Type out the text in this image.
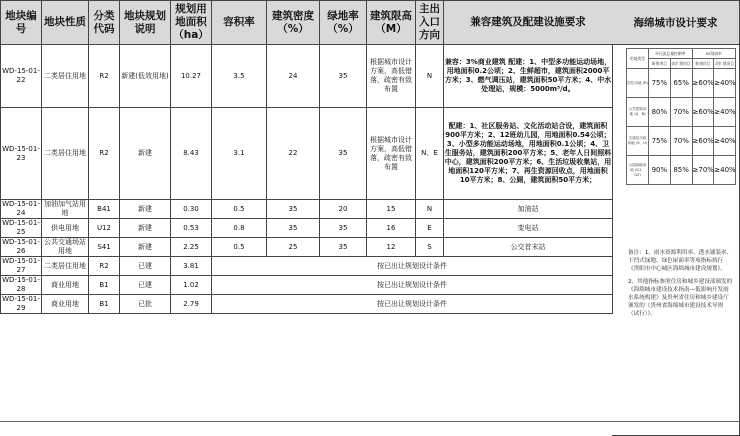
地块编号	地块性质	分类代码	地块规划说明	规划用地面积（ha）	容积率	建筑密度（%）	绿地率（%）	建筑限高（M）	主出入口方向	兼容建筑及配建设施要求
WD-15-01-22	二类居住用地	R2	新建(低效用地)	10.27	3.5	24	35	根据城市设计方案，高低错落，疏密有致布置	N	兼容：3%商业建筑 配建：1、中型多功能运动场地，用地面积0.2公顷；2、生鲜超市，建筑面积2000平方米；3、燃气调压站，建筑面积50平方米；4、中水处理站，规模：5000m³/d。
WD-15-01-23	二类居住用地	R2	新建	8.43	3.1	22	35	根据城市设计方案，高低错落，疏密有致布置	N、E	配建：1、社区服务站、文化活动站合设，建筑面积900平方米；2、12班幼儿园，用地面积0.54公顷；3、小型多功能运动场地，用地面积0.1公顷；4、卫生服务站，建筑面积200平方米；5、老年人日间照料中心，建筑面积200平方米；6、生活垃圾收集站，用地面积120平方米；7、再生资源回收点，用地面积10平方米；8、公厕，建筑面积50平方米；
WD-15-01-24	加油加气站用地	B41	新建	0.30	0.5	35	20	15	N	加油站
WD-15-01-25	供电用地	U12	新建	0.53	0.8	35	35	16	E	变电站
WD-15-01-26	公共交通场站用地	S41	新建	2.25	0.5	25	35	12	S	公交首末站
WD-15-01-27	二类居住用地	R2	已建	3.81	按已出让规划设计条件					
WD-15-01-28	商业用地	B1	已建	1.02	按已出让规划设计条件					
WD-15-01-29	商业用地	B1	已批	2.79	按已出让规划设计条件					
海绵城市设计要求
用地类型	年径流总量控制率		SS削减率	
	新建项目	改扩建项目	新建项目	改扩建项目
居住用地 (R)	75%	65%	≥60%	≥40%
公共建筑用地 (A、B)	80%	70%	≥60%	≥40%
交通及市政用地 (S、U)	75%	70%	≥60%	≥40%
公园绿地用地 (G1、G2)	90%	85%	≥70%	≥40%

备注：1、雨水资源利用率、透水铺装率、下凹式绿地、绿色屋面率等项指标执行《贵阳市中心城区海绵城市建设规划》。

2、其他指标参照住房和城乡建设部颁发的《海绵城市建设技术指南—低影响开发雨水系统构建》及贵州省住房和城乡建设厅颁发的《贵州省海绵城市建设技术导则（试行）》。
